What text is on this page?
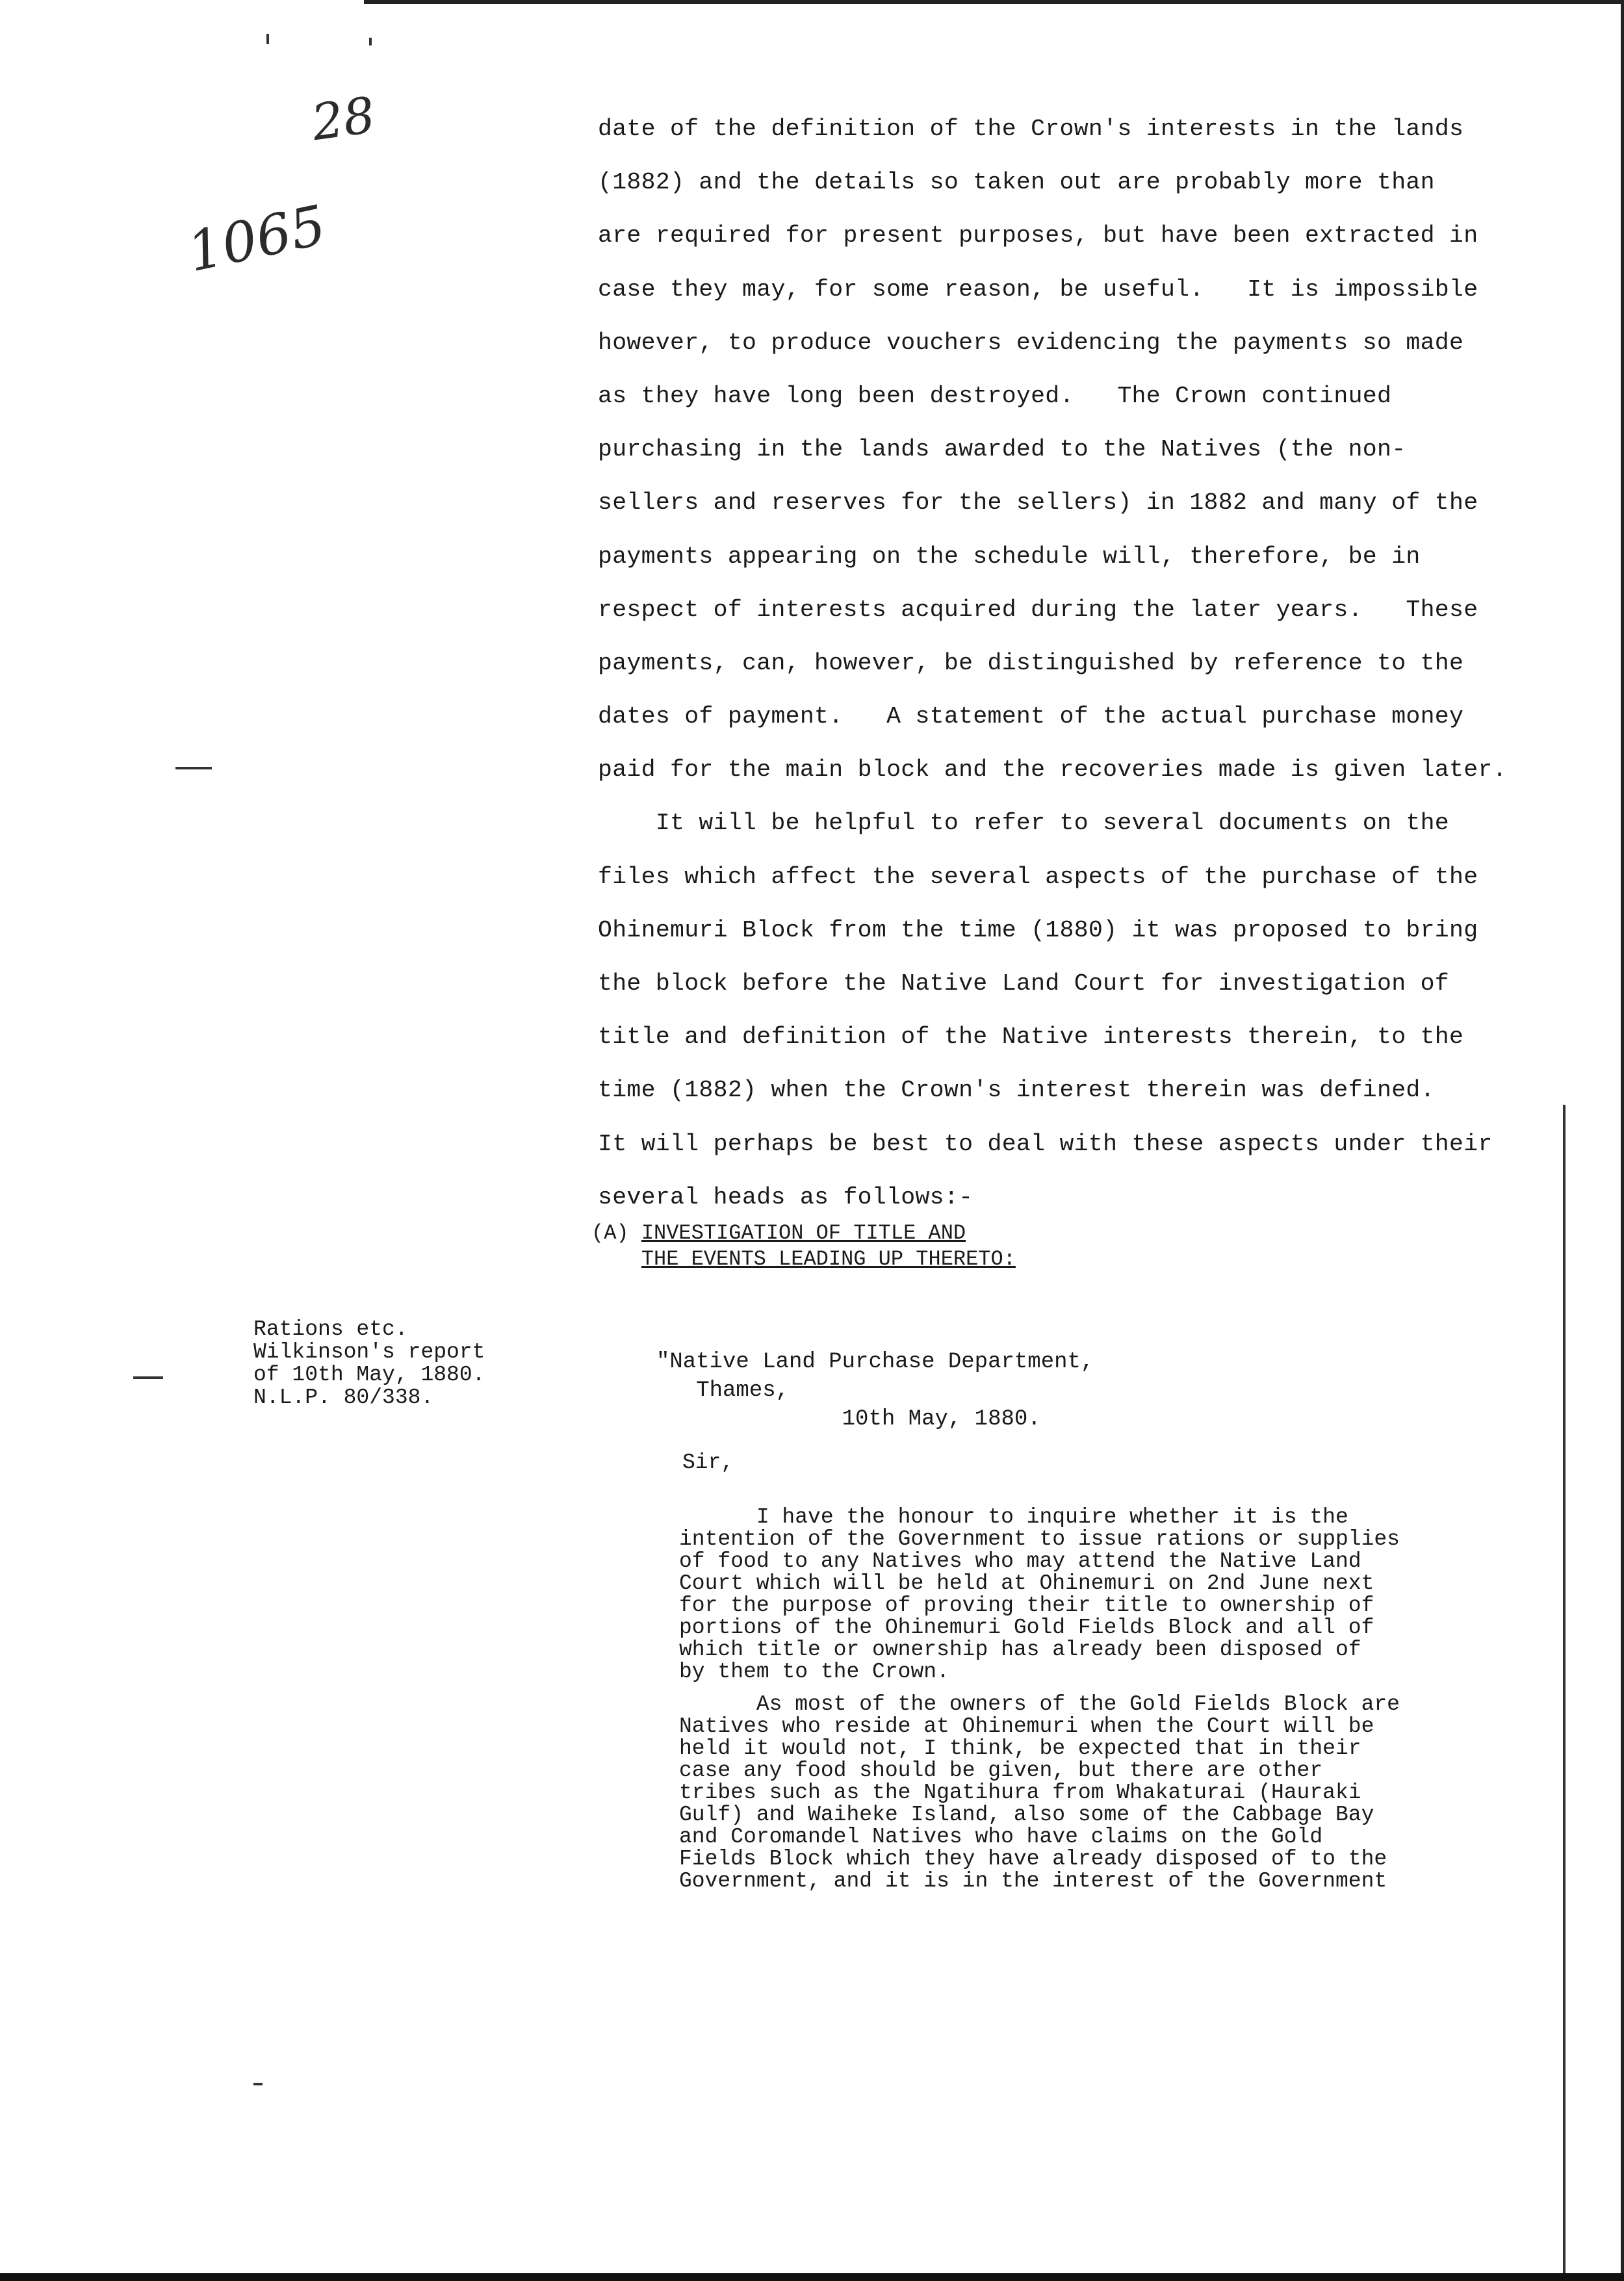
28
1065
date of the definition of the Crown's interests in the lands
(1882) and the details so taken out are probably more than
are required for present purposes, but have been extracted in
case they may, for some reason, be useful.   It is impossible
however, to produce vouchers evidencing the payments so made
as they have long been destroyed.   The Crown continued
purchasing in the lands awarded to the Natives (the non-
sellers and reserves for the sellers) in 1882 and many of the
payments appearing on the schedule will, therefore, be in
respect of interests acquired during the later years.   These
payments, can, however, be distinguished by reference to the
dates of payment.   A statement of the actual purchase money
paid for the main block and the recoveries made is given later.
It will be helpful to refer to several documents on the
files which affect the several aspects of the purchase of the
Ohinemuri Block from the time (1880) it was proposed to bring
the block before the Native Land Court for investigation of
title and definition of the Native interests therein, to the
time (1882) when the Crown's interest therein was defined.
It will perhaps be best to deal with these aspects under their
several heads as follows:-
(A) INVESTIGATION OF TITLE AND
THE EVENTS LEADING UP THERETO:
Rations etc.
Wilkinson's report
of 10th May, 1880.
N.L.P. 80/338.
"Native Land Purchase Department,
Thames,
10th May, 1880.
Sir,
I have the honour to inquire whether it is the
intention of the Government to issue rations or supplies
of food to any Natives who may attend the Native Land
Court which will be held at Ohinemuri on 2nd June next
for the purpose of proving their title to ownership of
portions of the Ohinemuri Gold Fields Block and all of
which title or ownership has already been disposed of
by them to the Crown.
As most of the owners of the Gold Fields Block are
Natives who reside at Ohinemuri when the Court will be
held it would not, I think, be expected that in their
case any food should be given, but there are other
tribes such as the Ngatihura from Whakaturai (Hauraki
Gulf) and Waiheke Island, also some of the Cabbage Bay
and Coromandel Natives who have claims on the Gold
Fields Block which they have already disposed of to the
Government, and it is in the interest of the Government
